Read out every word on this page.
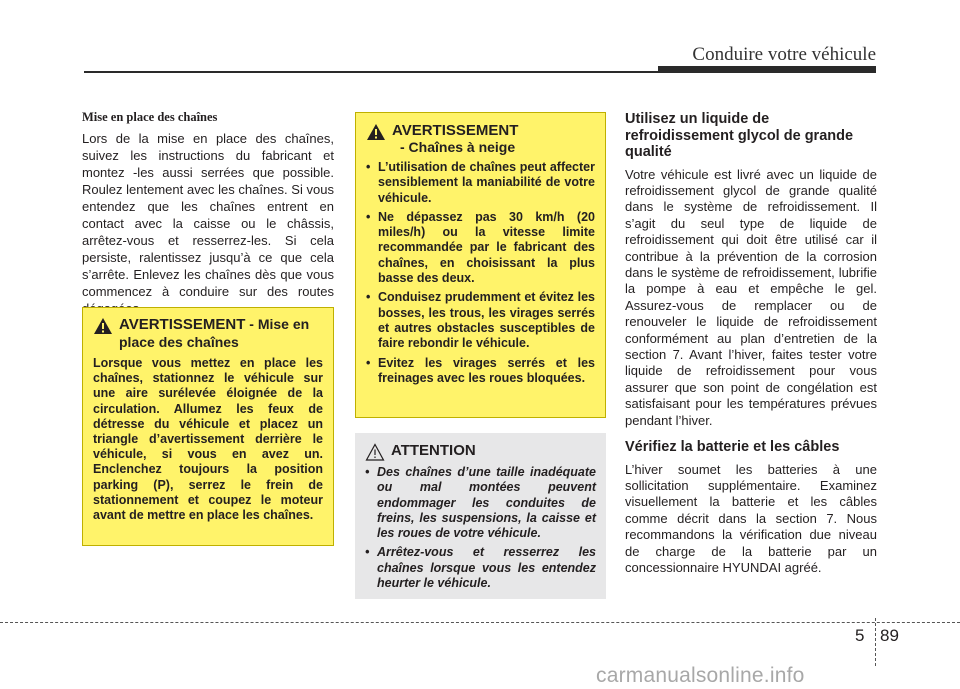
Conduire votre véhicule
Mise en place des chaînes

Lors de la mise en place des chaînes, suivez les instructions du fabricant et montez -les aussi serrées que possible. Roulez lentement avec les chaînes. Si vous entendez que les chaînes entrent en contact avec la caisse ou le châssis, arrêtez-vous et resserrez-les. Si cela persiste, ralentissez jusqu’à ce que cela s’arrête. Enlevez les chaînes dès que vous commencez à conduire sur des routes

AVERTISSEMENT - Mise en place des chaînes

Lorsque vous mettez en place les chaînes, stationnez le véhicule sur une aire surélevée éloignée de la circulation. Allumez les feux de détresse du véhicule et placez un triangle d’avertissement derrière le véhicule, si vous en avez un. Enclenchez toujours la position parking (P), serrez le frein de stationnement et coupez le moteur avant de mettre en place les chaînes.

AVERTISSEMENT
- Chaînes à neige
• L’utilisation de chaînes peut affecter sensiblement la maniabilité de votre véhicule.
• Ne dépassez pas 30 km/h (20 miles/h) ou la vitesse limite recommandée par le fabricant des chaînes, en choisissant la plus basse des deux.
• Conduisez prudemment et évitez les bosses, les trous, les virages serrés et autres obstacles susceptibles de faire rebondir le véhicule.
• Evitez les virages serrés et les freinages avec les roues bloquées.
ATTENTION
• Des chaînes d’une taille inadéquate ou mal montées peuvent endommager les conduites de freins, les suspensions, la caisse et les roues de votre véhicule.
• Arrêtez-vous et resserrez les chaînes lorsque vous les entendez heurter le véhicule.
Utilisez un liquide de refroidissement glycol de grande qualité

Votre véhicule est livré avec un liquide de refroidissement glycol de grande qualité dans le système de refroidissement. Il s’agit du seul type de liquide de refroidissement qui doit être utilisé car il contribue à la prévention de la corrosion dans le système de refroidissement, lubrifie la pompe à eau et empêche le gel. Assurez-vous de remplacer ou de renouveler le liquide de refroidissement conformément au plan d’entretien de la section 7. Avant l’hiver, faites tester votre liquide de refroidissement pour vous assurer que son point de congélation est satisfaisant pour les températures prévues pendant l’hiver.

Vérifiez la batterie et les câbles

L’hiver soumet les batteries à une sollicitation supplémentaire. Examinez visuellement la batterie et les câbles comme décrit dans la section 7. Nous recommandons la vérification due niveau de charge de la batterie par un concessionnaire HYUNDAI agréé.

5 89
carmanualsonline.info
